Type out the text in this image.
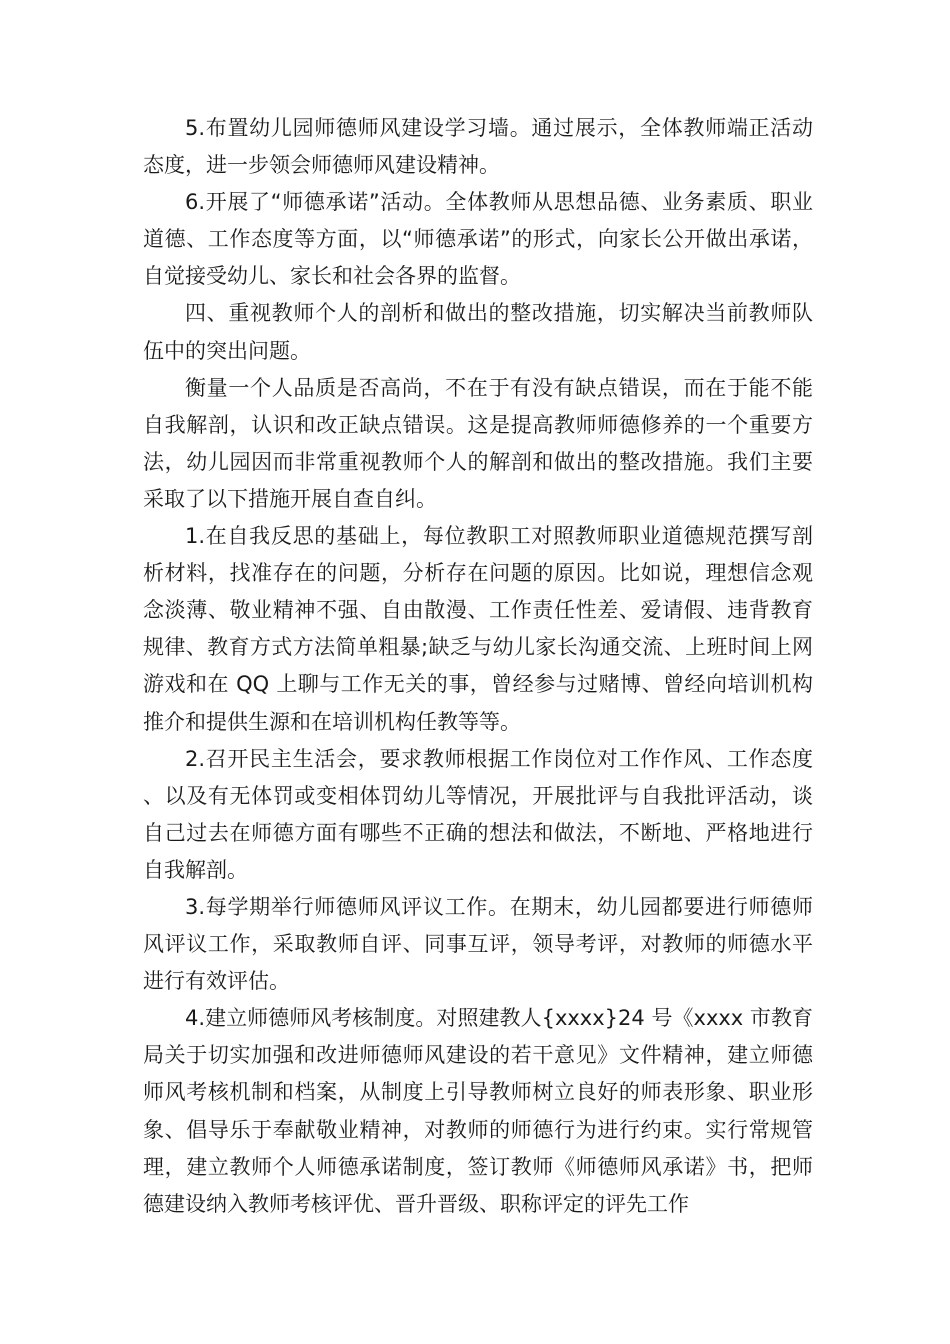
5.布置幼儿园师德师风建设学习墙。通过展示，全体教师端正活动态度，进一步领会师德师风建设精神。

6.开展了“师德承诺”活动。全体教师从思想品德、业务素质、职业道德、工作态度等方面，以“师德承诺”的形式，向家长公开做出承诺，自觉接受幼儿、家长和社会各界的监督。

四、重视教师个人的剖析和做出的整改措施，切实解决当前教师队伍中的突出问题。

衡量一个人品质是否高尚，不在于有没有缺点错误，而在于能不能自我解剖，认识和改正缺点错误。这是提高教师师德修养的一个重要方法，幼儿园因而非常重视教师个人的解剖和做出的整改措施。我们主要采取了以下措施开展自查自纠。

1.在自我反思的基础上，每位教职工对照教师职业道德规范撰写剖析材料，找准存在的问题，分析存在问题的原因。比如说，理想信念观念淡薄、敬业精神不强、自由散漫、工作责任性差、爱请假、违背教育规律、教育方式方法简单粗暴;缺乏与幼儿家长沟通交流、上班时间上网游戏和在 QQ 上聊与工作无关的事，曾经参与过赌博、曾经向培训机构推介和提供生源和在培训机构任教等等。

2.召开民主生活会，要求教师根据工作岗位对工作作风、工作态度、以及有无体罚或变相体罚幼儿等情况，开展批评与自我批评活动，谈自己过去在师德方面有哪些不正确的想法和做法，不断地、严格地进行自我解剖。

3.每学期举行师德师风评议工作。在期末，幼儿园都要进行师德师风评议工作，采取教师自评、同事互评，领导考评，对教师的师德水平进行有效评估。

4.建立师德师风考核制度。对照建教人{xxxx}24 号《xxxx 市教育局关于切实加强和改进师德师风建设的若干意见》文件精神，建立师德师风考核机制和档案，从制度上引导教师树立良好的师表形象、职业形象、倡导乐于奉献敬业精神，对教师的师德行为进行约束。实行常规管理，建立教师个人师德承诺制度，签订教师《师德师风承诺》书，把师德建设纳入教师考核评优、晋升晋级、职称评定的评先工作
